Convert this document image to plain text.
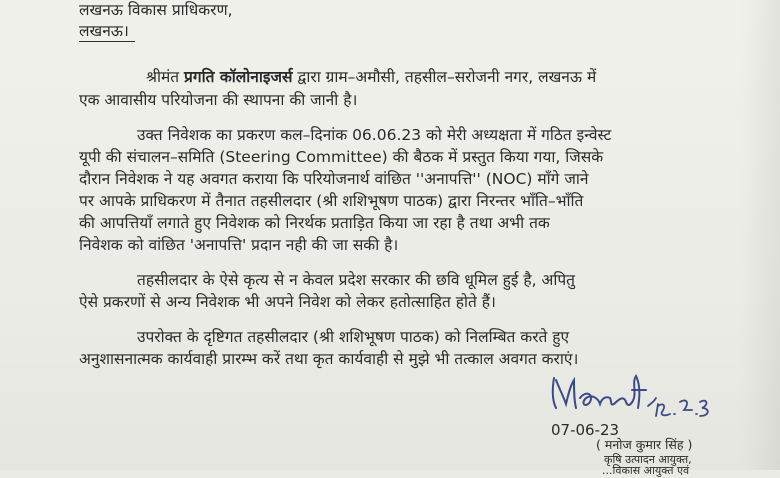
लखनऊ विकास प्राधिकरण,
लखनऊ।
श्रीमंत प्रगति कॉलोनाइजर्स द्वारा ग्राम–अमौसी, तहसील–सरोजनी नगर, लखनऊ में
एक आवासीय परियोजना की स्थापना की जानी है।
उक्त निवेशक का प्रकरण कल–दिनांक 06.06.23 को मेरी अध्यक्षता में गठित इन्वेस्ट
यूपी की संचालन–समिति (Steering Committee) की बैठक में प्रस्तुत किया गया, जिसके
दौरान निवेशक ने यह अवगत कराया कि परियोजनार्थ वांछित ''अनापत्ति'' (NOC) माँगे जाने
पर आपके प्राधिकरण में तैनात तहसीलदार (श्री शशिभूषण पाठक) द्वारा निरन्तर भाँति–भाँति
की आपत्तियाँ लगाते हुए निवेशक को निरर्थक प्रताड़ित किया जा रहा है तथा अभी तक
निवेशक को वांछित 'अनापत्ति' प्रदान नही की जा सकी है।
तहसीलदार के ऐसे कृत्य से न केवल प्रदेश सरकार की छवि धूमिल हुई है, अपितु
ऐसे प्रकरणों से अन्य निवेशक भी अपने निवेश को लेकर हतोत्साहित होते हैं।
उपरोक्त के दृष्टिगत तहसीलदार (श्री शशिभूषण पाठक) को निलम्बित करते हुए
अनुशासनात्मक कार्यवाही प्रारम्भ करें तथा कृत कार्यवाही से मुझे भी तत्काल अवगत कराएं।
07-06-23
( मनोज कुमार सिंह )
कृषि उत्पादन आयुक्त,
...विकास आयुक्त एवं
